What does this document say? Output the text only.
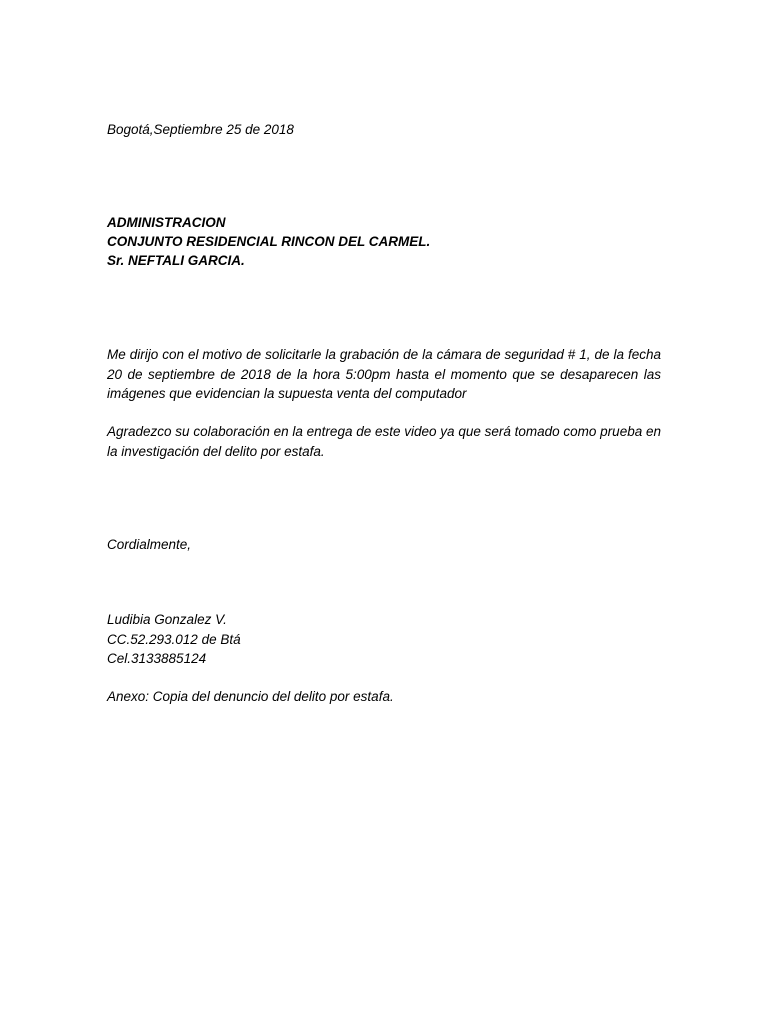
Bogotá,Septiembre 25 de 2018
ADMINISTRACION
CONJUNTO RESIDENCIAL RINCON DEL CARMEL.
Sr. NEFTALI GARCIA.
Me dirijo con el motivo de solicitarle la grabación de la cámara de seguridad # 1, de la fecha 20 de septiembre de 2018 de la hora 5:00pm hasta el momento que se desaparecen las imágenes que evidencian la supuesta venta del computador
Agradezco su colaboración en la entrega de este video ya que será tomado como prueba en la investigación del delito por estafa.
Cordialmente,
Ludibia Gonzalez V.
CC.52.293.012 de Btá
Cel.3133885124
Anexo: Copia del denuncio del delito por estafa.
